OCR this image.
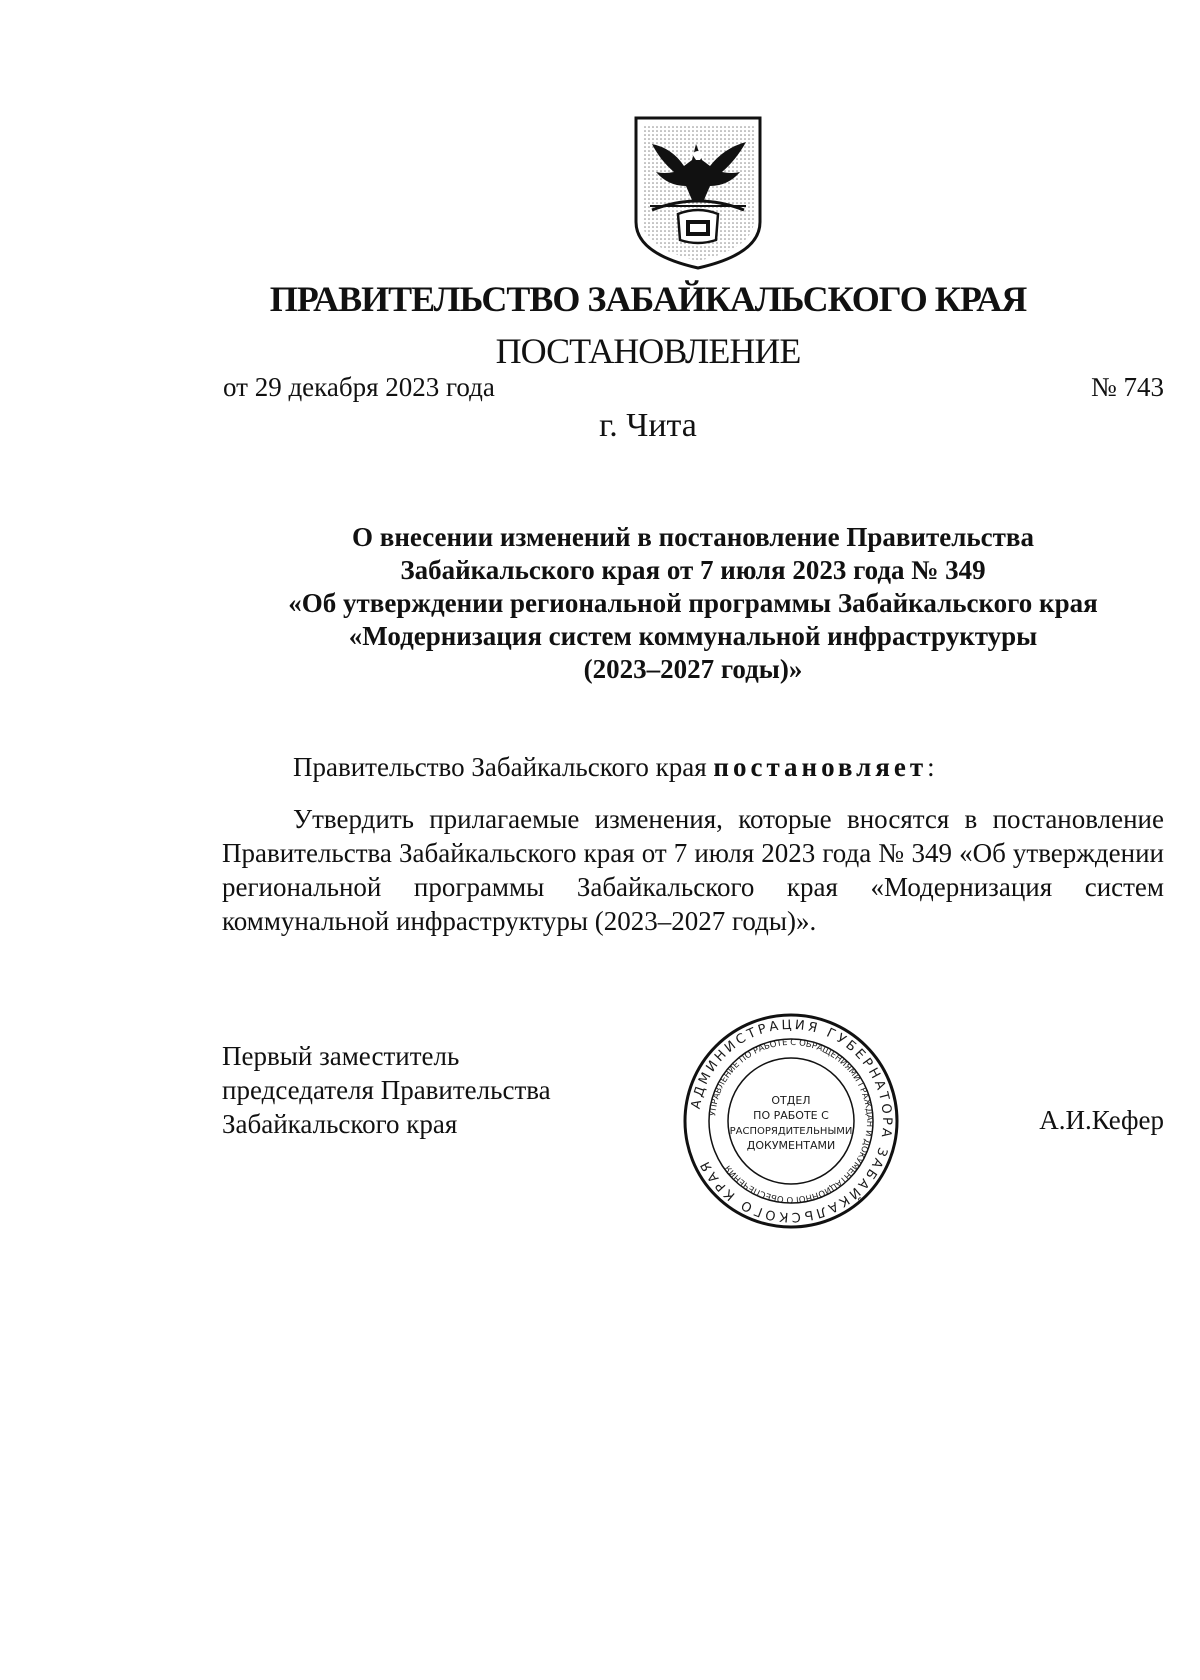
ПРАВИТЕЛЬСТВО ЗАБАЙКАЛЬСКОГО КРАЯ
ПОСТАНОВЛЕНИЕ
от 29 декабря 2023 года	№ 743
г. Чита
О внесении изменений в постановление Правительства
Забайкальского края от 7 июля 2023 года № 349
«Об утверждении региональной программы Забайкальского края
«Модернизация систем коммунальной инфраструктуры
(2023–2027 годы)»
Правительство Забайкальского края постановляет:
Утвердить прилагаемые изменения, которые вносятся в постановление Правительства Забайкальского края от 7 июля 2023 года № 349 «Об утверждении региональной программы Забайкальского края «Модернизация систем коммунальной инфраструктуры (2023–2027 годы)».
Первый заместитель
председателя Правительства
Забайкальского края
АДМИНИСТРАЦИЯ ГУБЕРНАТОРА ЗАБАЙКАЛЬСКОГО КРАЯ
УПРАВЛЕНИЕ ПО РАБОТЕ С ОБРАЩЕНИЯМИ ГРАЖДАН И ДОКУМЕНТАЦИОННОГО ОБЕСПЕЧЕНИЯ
ОТДЕЛ
ПО РАБОТЕ С
РАСПОРЯДИТЕЛЬНЫМИ
ДОКУМЕНТАМИ
А.И.Кефер
